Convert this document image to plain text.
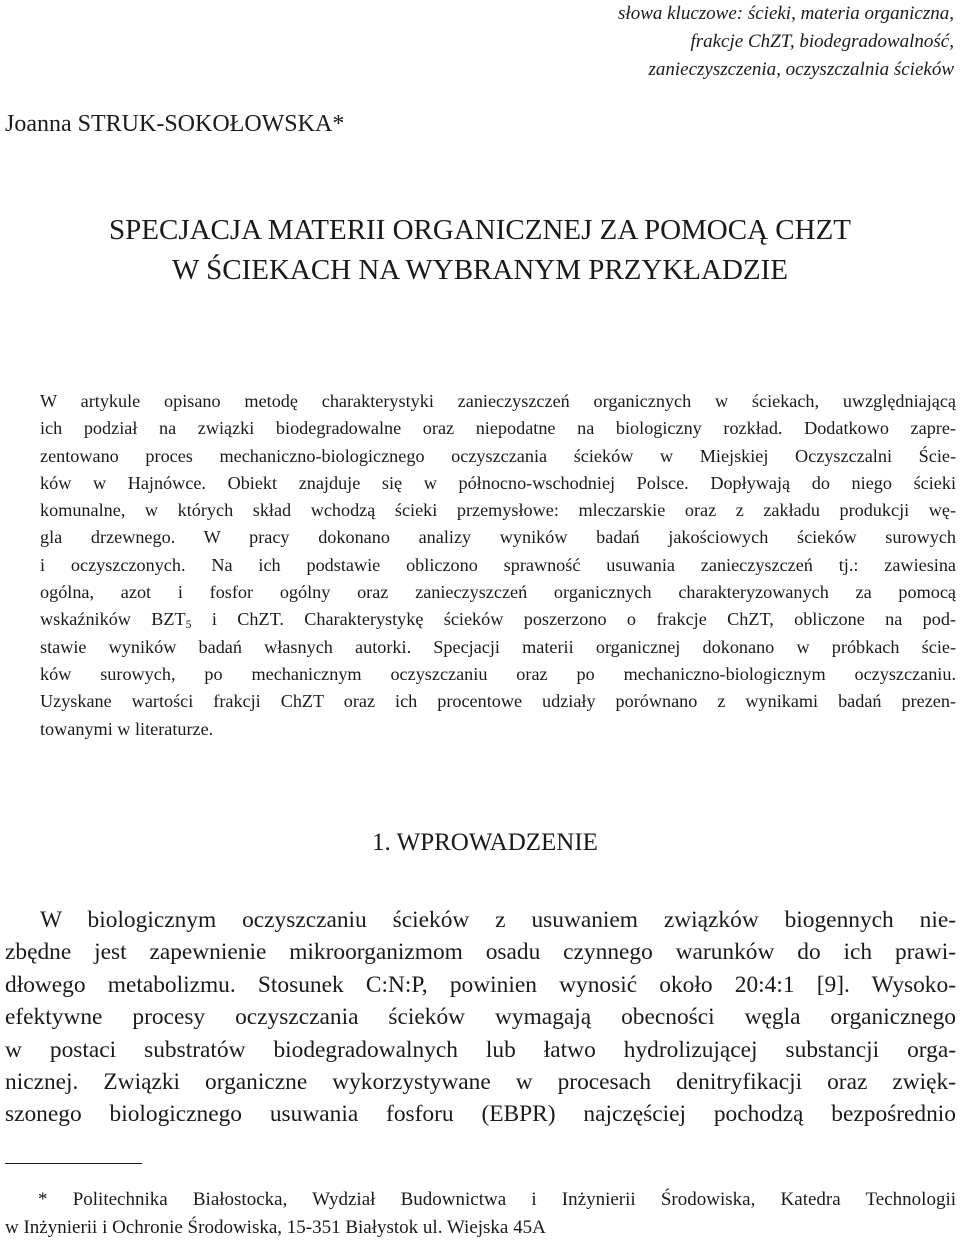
słowa kluczowe: ścieki, materia organiczna,
frakcje ChZT, biodegradowalność,
zanieczyszczenia, oczyszczalnia ścieków
Joanna STRUK-SOKOŁOWSKA*
SPECJACJA MATERII ORGANICZNEJ ZA POMOCĄ CHZT
W ŚCIEKACH NA WYBRANYM PRZYKŁADZIE
W artykule opisano metodę charakterystyki zanieczyszczeń organicznych w ściekach, uwzględniającą
ich podział na związki biodegradowalne oraz niepodatne na biologiczny rozkład. Dodatkowo zapre-
zentowano proces mechaniczno-biologicznego oczyszczania ścieków w Miejskiej Oczyszczalni Ście-
ków w Hajnówce. Obiekt znajduje się w północno-wschodniej Polsce. Dopływają do niego ścieki
komunalne, w których skład wchodzą ścieki przemysłowe: mleczarskie oraz z zakładu produkcji wę-
gla drzewnego. W pracy dokonano analizy wyników badań jakościowych ścieków surowych
i oczyszczonych. Na ich podstawie obliczono sprawność usuwania zanieczyszczeń tj.: zawiesina
ogólna, azot i fosfor ogólny oraz zanieczyszczeń organicznych charakteryzowanych za pomocą
wskaźników $BZT_5$ i ChZT. Charakterystykę ścieków poszerzono o frakcje ChZT, obliczone na pod-
stawie wyników badań własnych autorki. Specjacji materii organicznej dokonano w próbkach ście-
ków surowych, po mechanicznym oczyszczaniu oraz po mechaniczno-biologicznym oczyszczaniu.
Uzyskane wartości frakcji ChZT oraz ich procentowe udziały porównano z wynikami badań prezen-
towanymi w literaturze.
1. WPROWADZENIE
W biologicznym oczyszczaniu ścieków z usuwaniem związków biogennych nie-
zbędne jest zapewnienie mikroorganizmom osadu czynnego warunków do ich prawi-
dłowego metabolizmu. Stosunek C:N:P, powinien wynosić około 20:4:1 [9]. Wysoko-
efektywne procesy oczyszczania ścieków wymagają obecności węgla organicznego
w postaci substratów biodegradowalnych lub łatwo hydrolizującej substancji orga-
nicznej. Związki organiczne wykorzystywane w procesach denitryfikacji oraz zwięk-
szonego biologicznego usuwania fosforu (EBPR) najczęściej pochodzą bezpośrednio
* Politechnika Białostocka, Wydział Budownictwa i Inżynierii Środowiska, Katedra Technologii
w Inżynierii i Ochronie Środowiska, 15-351 Białystok ul. Wiejska 45A
